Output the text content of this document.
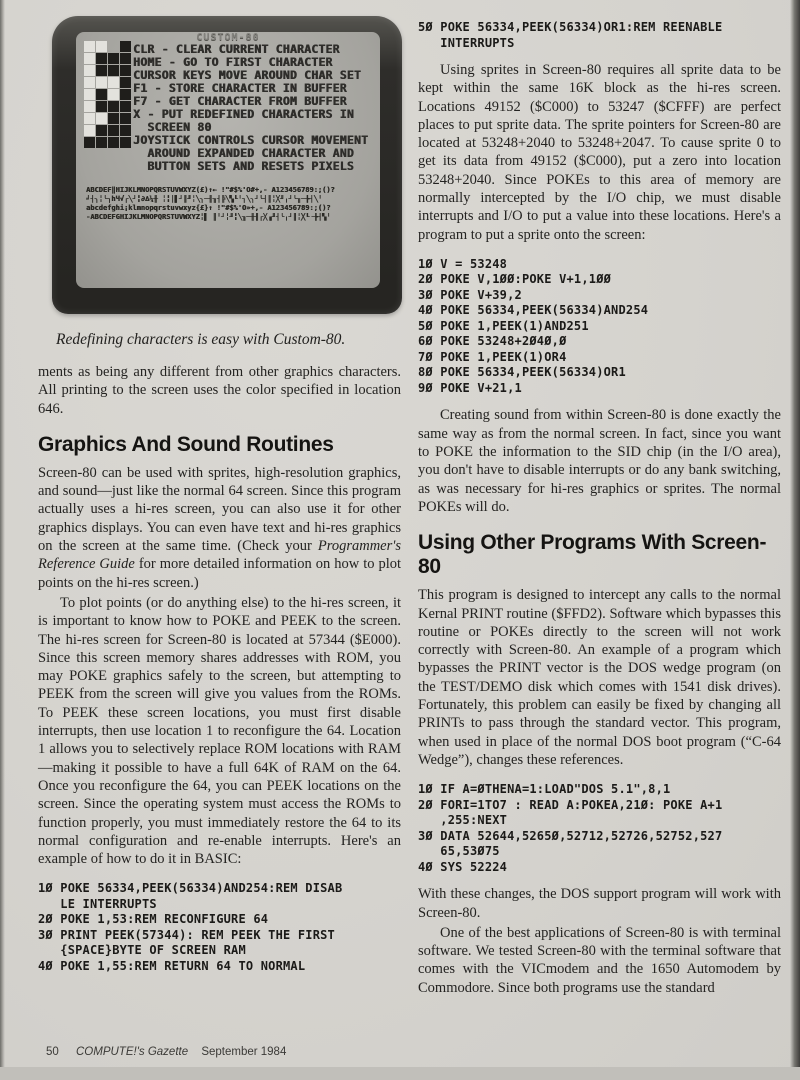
CUSTOM-80
CLR - CLEAR CURRENT CHARACTER
HOME - GO TO FIRST CHARACTER
CURSOR KEYS MOVE AROUND CHAR SET
F1 - STORE CHARACTER IN BUFFER
F7 - GET CHARACTER FROM BUFFER
X - PUT REDEFINED CHARACTERS IN
SCREEN 80
JOYSTICK CONTROLS CURSOR MOVEMENT
AROUND EXPANDED CHARACTER AND
BUTTON SETS AND RESETS PIXELS
ABCDEF‖HIJKLMNOPQRSTUVWXYZ(£)↑← !"#$%'O#+,- A123456789:;()?
╛┤╮╎╰┐hЧ√┌╲┘╏∂∆¼╫ ╎╏│▌┘║╜╎╲╮─╢╖┤╠╲▚┖╵┐╲╮┘╰┤║╎╳╜╷┘╰╖─╊┤╲╵
abcdefghi¡klmnopqrstuvwxyz{£}↑ !"#$%'O»+,- A123456789:;()?
‐ABCDEFGHIJKLMNOPQRSTUVWXYZ╎▌ ║╵┘╎╜╏╲╖─╫╢┌╳▗╜┤╰╷┘║╎╳┖╶╊┤▚╵
Redefining characters is easy with Custom-80.

ments as being any different from other graphics characters. All printing to the screen uses the color specified in location 646.

Graphics And Sound Routines

Screen-80 can be used with sprites, high-resolution graphics, and sound—just like the normal 64 screen. Since this program actually uses a hi-res screen, you can also use it for other graphics displays. You can even have text and hi-res graphics on the screen at the same time. (Check your Programmer's Reference Guide for more detailed information on how to plot points on the hi-res screen.)

To plot points (or do anything else) to the hi-res screen, it is important to know how to POKE and PEEK to the screen. The hi-res screen for Screen-80 is located at 57344 ($E000). Since this screen memory shares addresses with ROM, you may POKE graphics safely to the screen, but attempting to PEEK from the screen will give you values from the ROMs. To PEEK these screen locations, you must first disable interrupts, then use location 1 to reconfigure the 64. Location 1 allows you to selectively replace ROM locations with RAM—making it possible to have a full 64K of RAM on the 64. Once you reconfigure the 64, you can PEEK locations on the screen. Since the operating system must access the ROMs to function properly, you must immediately restore the 64 to its normal configuration and re-enable interrupts. Here's an example of how to do it in BASIC:

1Ø POKE 56334,PEEK(56334)AND254:REM DISAB
LE INTERRUPTS
2Ø POKE 1,53:REM RECONFIGURE 64
3Ø PRINT PEEK(57344): REM PEEK THE FIRST
{SPACE}BYTE OF SCREEN RAM
4Ø POKE 1,55:REM RETURN 64 TO NORMAL
5Ø POKE 56334,PEEK(56334)OR1:REM REENABLE
INTERRUPTS

Using sprites in Screen-80 requires all sprite data to be kept within the same 16K block as the hi-res screen. Locations 49152 ($C000) to 53247 ($CFFF) are perfect places to put sprite data. The sprite pointers for Screen-80 are located at 53248+2040 to 53248+2047. To cause sprite 0 to get its data from 49152 ($C000), put a zero into location 53248+2040. Since POKEs to this area of memory are normally intercepted by the I/O chip, we must disable interrupts and I/O to put a value into these locations. Here's a program to put a sprite onto the screen:

1Ø V = 53248
2Ø POKE V,1ØØ:POKE V+1,1ØØ
3Ø POKE V+39,2
4Ø POKE 56334,PEEK(56334)AND254
5Ø POKE 1,PEEK(1)AND251
6Ø POKE 53248+2Ø4Ø,Ø
7Ø POKE 1,PEEK(1)OR4
8Ø POKE 56334,PEEK(56334)OR1
9Ø POKE V+21,1

Creating sound from within Screen-80 is done exactly the same way as from the normal screen. In fact, since you want to POKE the information to the SID chip (in the I/O area), you don't have to disable interrupts or do any bank switching, as was necessary for hi-res graphics or sprites. The normal POKEs will do.

Using Other Programs With Screen-80

This program is designed to intercept any calls to the normal Kernal PRINT routine ($FFD2). Software which bypasses this routine or POKEs directly to the screen will not work correctly with Screen-80. An example of a program which bypasses the PRINT vector is the DOS wedge program (on the TEST/DEMO disk which comes with 1541 disk drives). Fortunately, this problem can easily be fixed by changing all PRINTs to pass through the standard vector. This program, when used in place of the normal DOS boot program (“C-64 Wedge”), changes these references.

1Ø IF A=ØTHENA=1:LOAD"DOS 5.1",8,1
2Ø FORI=1TO7 : READ A:POKEA,21Ø: POKE A+1
,255:NEXT
3Ø DATA 52644,5265Ø,52712,52726,52752,527
65,53Ø75
4Ø SYS 52224

With these changes, the DOS support program will work with Screen-80.

One of the best applications of Screen-80 is with terminal software. We tested Screen-80 with the terminal software that comes with the VICmodem and the 1650 Automodem by Commodore. Since both programs use the standard

50 COMPUTE!'s Gazette September 1984
